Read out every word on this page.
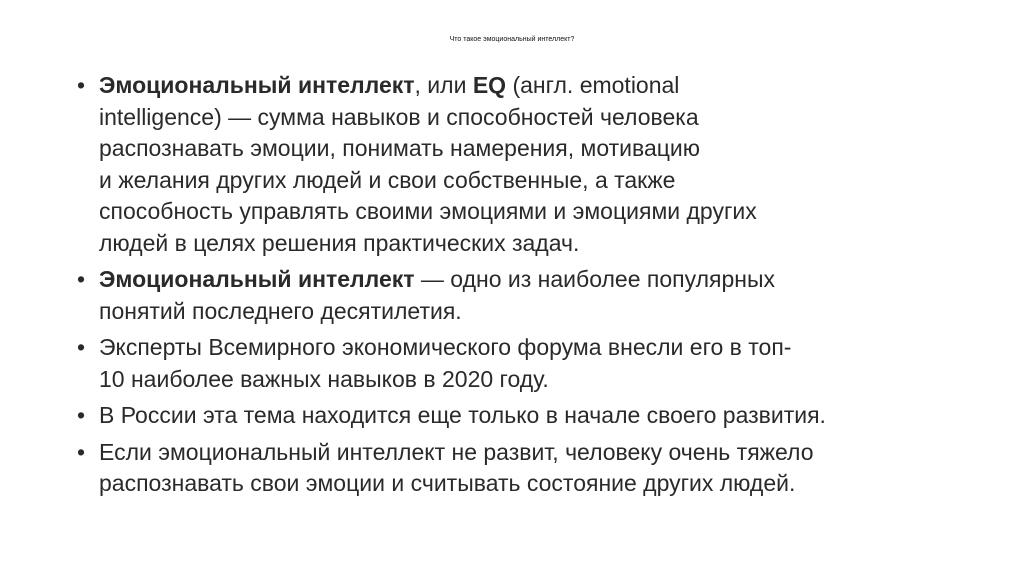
Что такое эмоциональный интеллект?
• Эмоциональный интеллект, или EQ (англ. emotional
intelligence) — сумма навыков и способностей человека
распознавать эмоции, понимать намерения, мотивацию
и желания других людей и свои собственные, а также
способность управлять своими эмоциями и эмоциями других
людей в целях решения практических задач.
• Эмоциональный интеллект — одно из наиболее популярных
понятий последнего десятилетия.
• Эксперты Всемирного экономического форума внесли его в топ-
10 наиболее важных навыков в 2020 году.
• В России эта тема находится еще только в начале своего развития.
• Если эмоциональный интеллект не развит, человеку очень тяжело
распознавать свои эмоции и считывать состояние других людей.
